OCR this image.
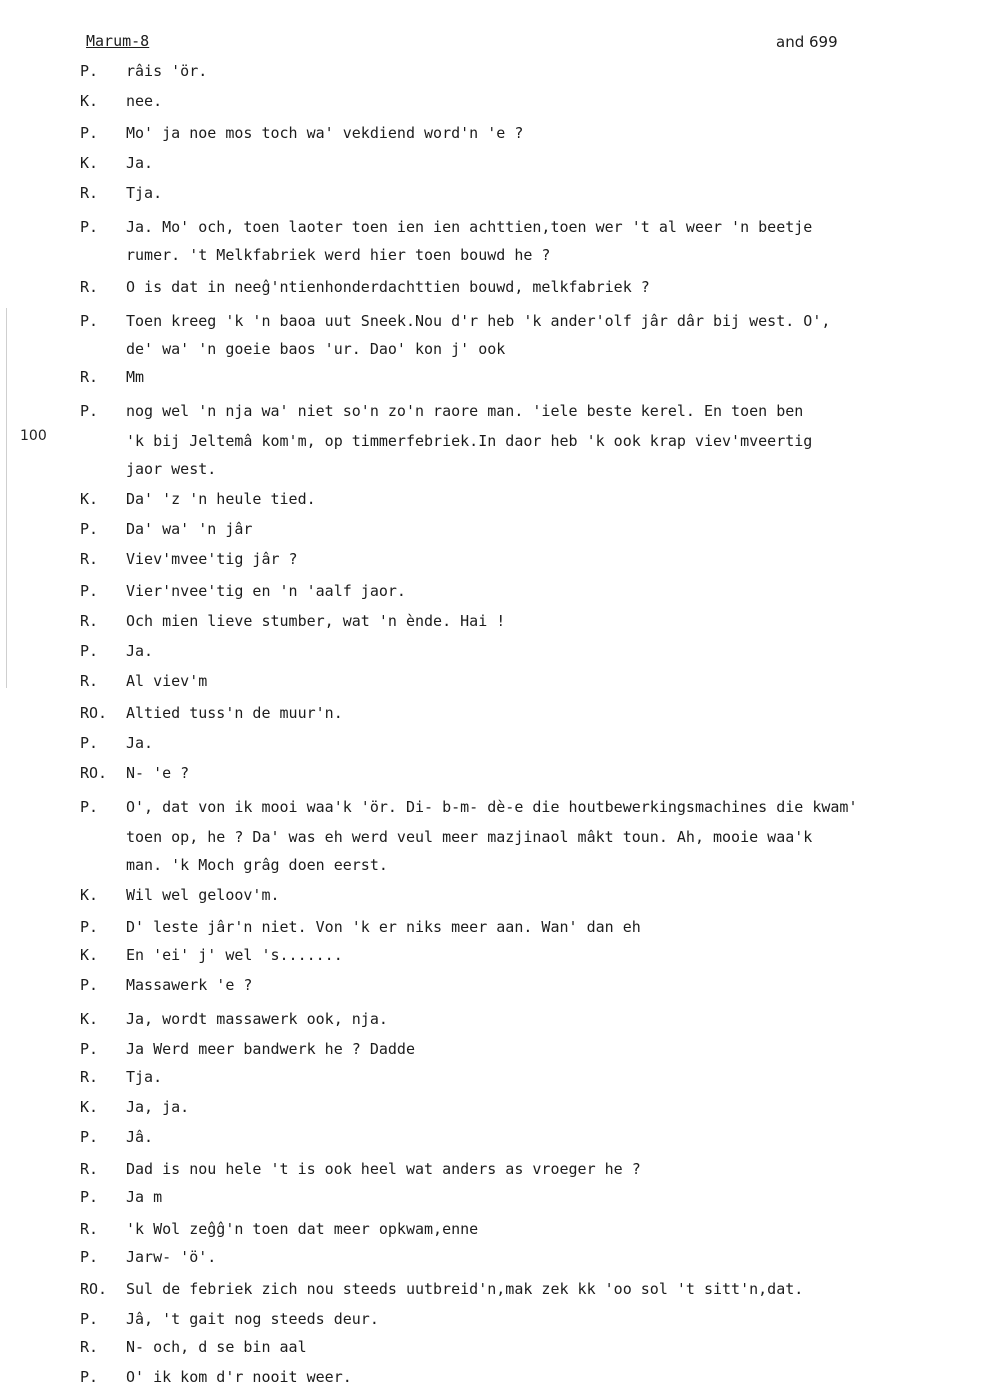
Marum-8	and 699
100
P. râis 'ör.
K. nee.
P. Mo' ja noe mos toch wa' vekdiend word'n 'e ?
K. Ja.
R. Tja.
P. Ja. Mo' och, toen laoter toen ien ien achttien,toen wer 't al weer 'n beetje
rumer. 't Melkfabriek werd hier toen bouwd he ?
R. O is dat in neeĝ'ntienhonderdachttien bouwd, melkfabriek ?
P. Toen kreeg 'k 'n baoa uut Sneek.Nou d'r heb 'k ander'olf jâr dâr bij west. O',
de' wa' 'n goeie baos 'ur. Dao' kon j' ook
R. Mm
P. nog wel 'n nja wa' niet so'n zo'n raore man. 'iele beste kerel. En toen ben
'k bij Jeltemâ kom'm, op timmerfebriek.In daor heb 'k ook krap viev'mveertig
jaor west.
K. Da' 'z 'n heule tied.
P. Da' wa' 'n jâr
R. Viev'mvee'tig jâr ?
P. Vier'nvee'tig en 'n 'aalf jaor.
R. Och mien lieve stumber, wat 'n ènde. Hai !
P. Ja.
R. Al viev'm
RO. Altied tuss'n de muur'n.
P. Ja.
RO. N- 'e ?
P. O', dat von ik mooi waa'k 'ör. Di- b-m- dè-e die houtbewerkingsmachines die kwam'
toen op, he ? Da' was eh werd veul meer mazjinaol mâkt toun. Ah, mooie waa'k
man. 'k Moch grâg doen eerst.
K. Wil wel geloov'm.
P. D' leste jâr'n niet. Von 'k er niks meer aan. Wan' dan eh
K. En 'ei' j' wel 's.......
P. Massawerk 'e ?
K. Ja, wordt massawerk ook, nja.
P. Ja Werd meer bandwerk he ? Dadde
R. Tja.
K. Ja, ja.
P. Jâ.
R. Dad is nou hele 't is ook heel wat anders as vroeger he ?
P. Ja m
R. 'k Wol zeĝĝ'n toen dat meer opkwam,enne
P. Jarw- 'ö'.
RO. Sul de febriek zich nou steeds uutbreid'n,mak zek kk 'oo sol 't sitt'n,dat.
P. Jâ, 't gait nog steeds deur.
R. N- och, d se bin aal
P. O' ik kom d'r nooit weer.
